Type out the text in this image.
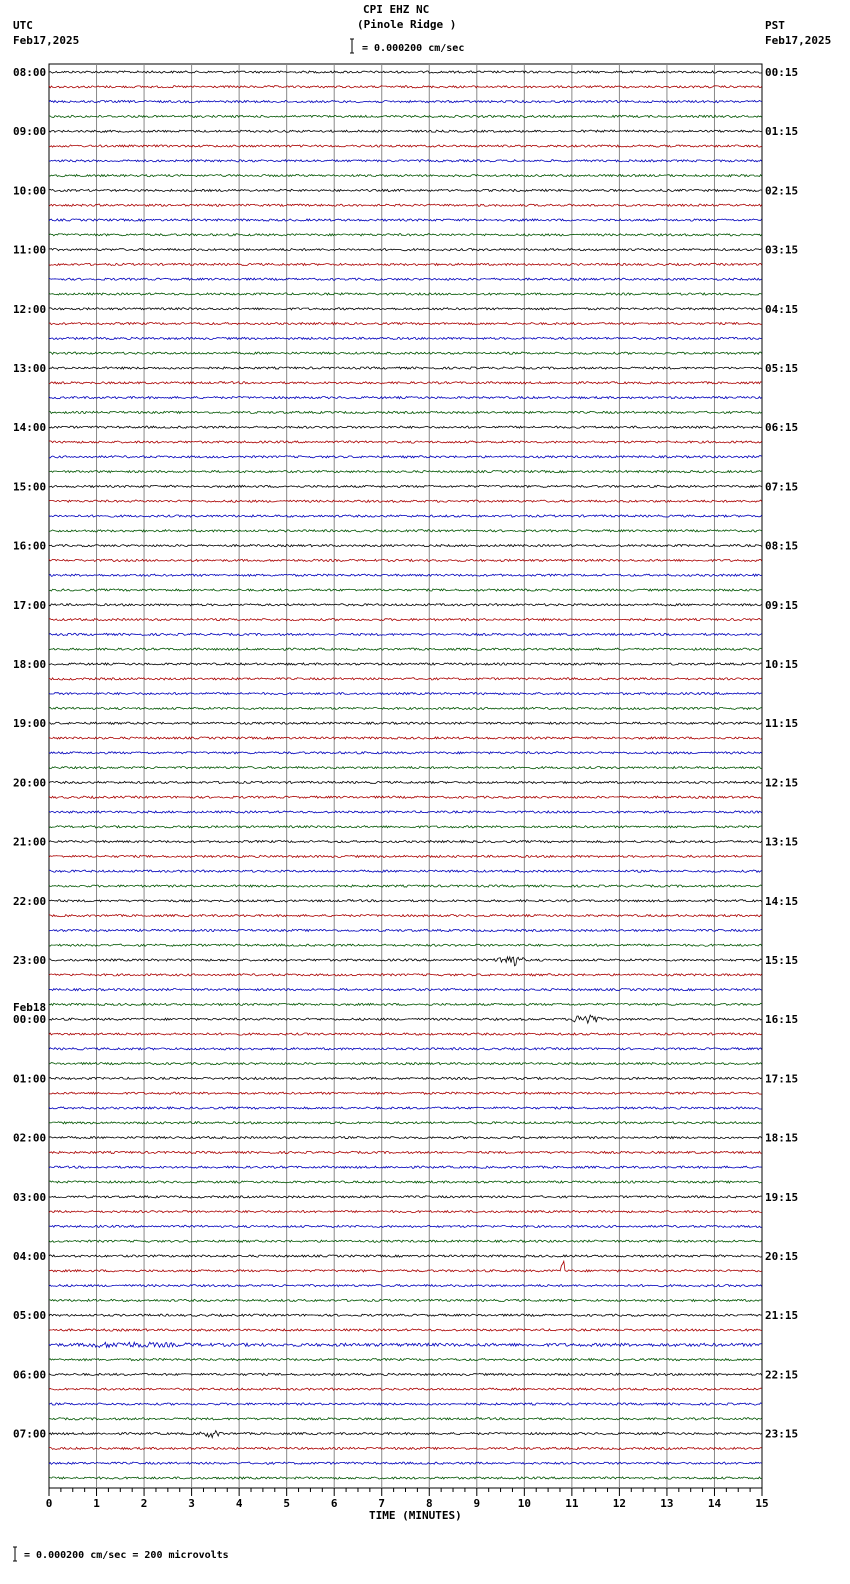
CPI EHZ NC
(Pinole Ridge )
= 0.000200 cm/sec
UTC
Feb17,2025
PST
Feb17,2025
Feb18
TIME (MINUTES)
= 0.000200 cm/sec = 200 microvolts
08:00
09:00
10:00
11:00
12:00
13:00
14:00
15:00
16:00
17:00
18:00
19:00
20:00
21:00
22:00
23:00
00:00
01:00
02:00
03:00
04:00
05:00
06:00
07:00
00:15
01:15
02:15
03:15
04:15
05:15
06:15
07:15
08:15
09:15
10:15
11:15
12:15
13:15
14:15
15:15
16:15
17:15
18:15
19:15
20:15
21:15
22:15
23:15
0	1	2	3	4	5	6	7	8	9	10	11	12	13	14	15
